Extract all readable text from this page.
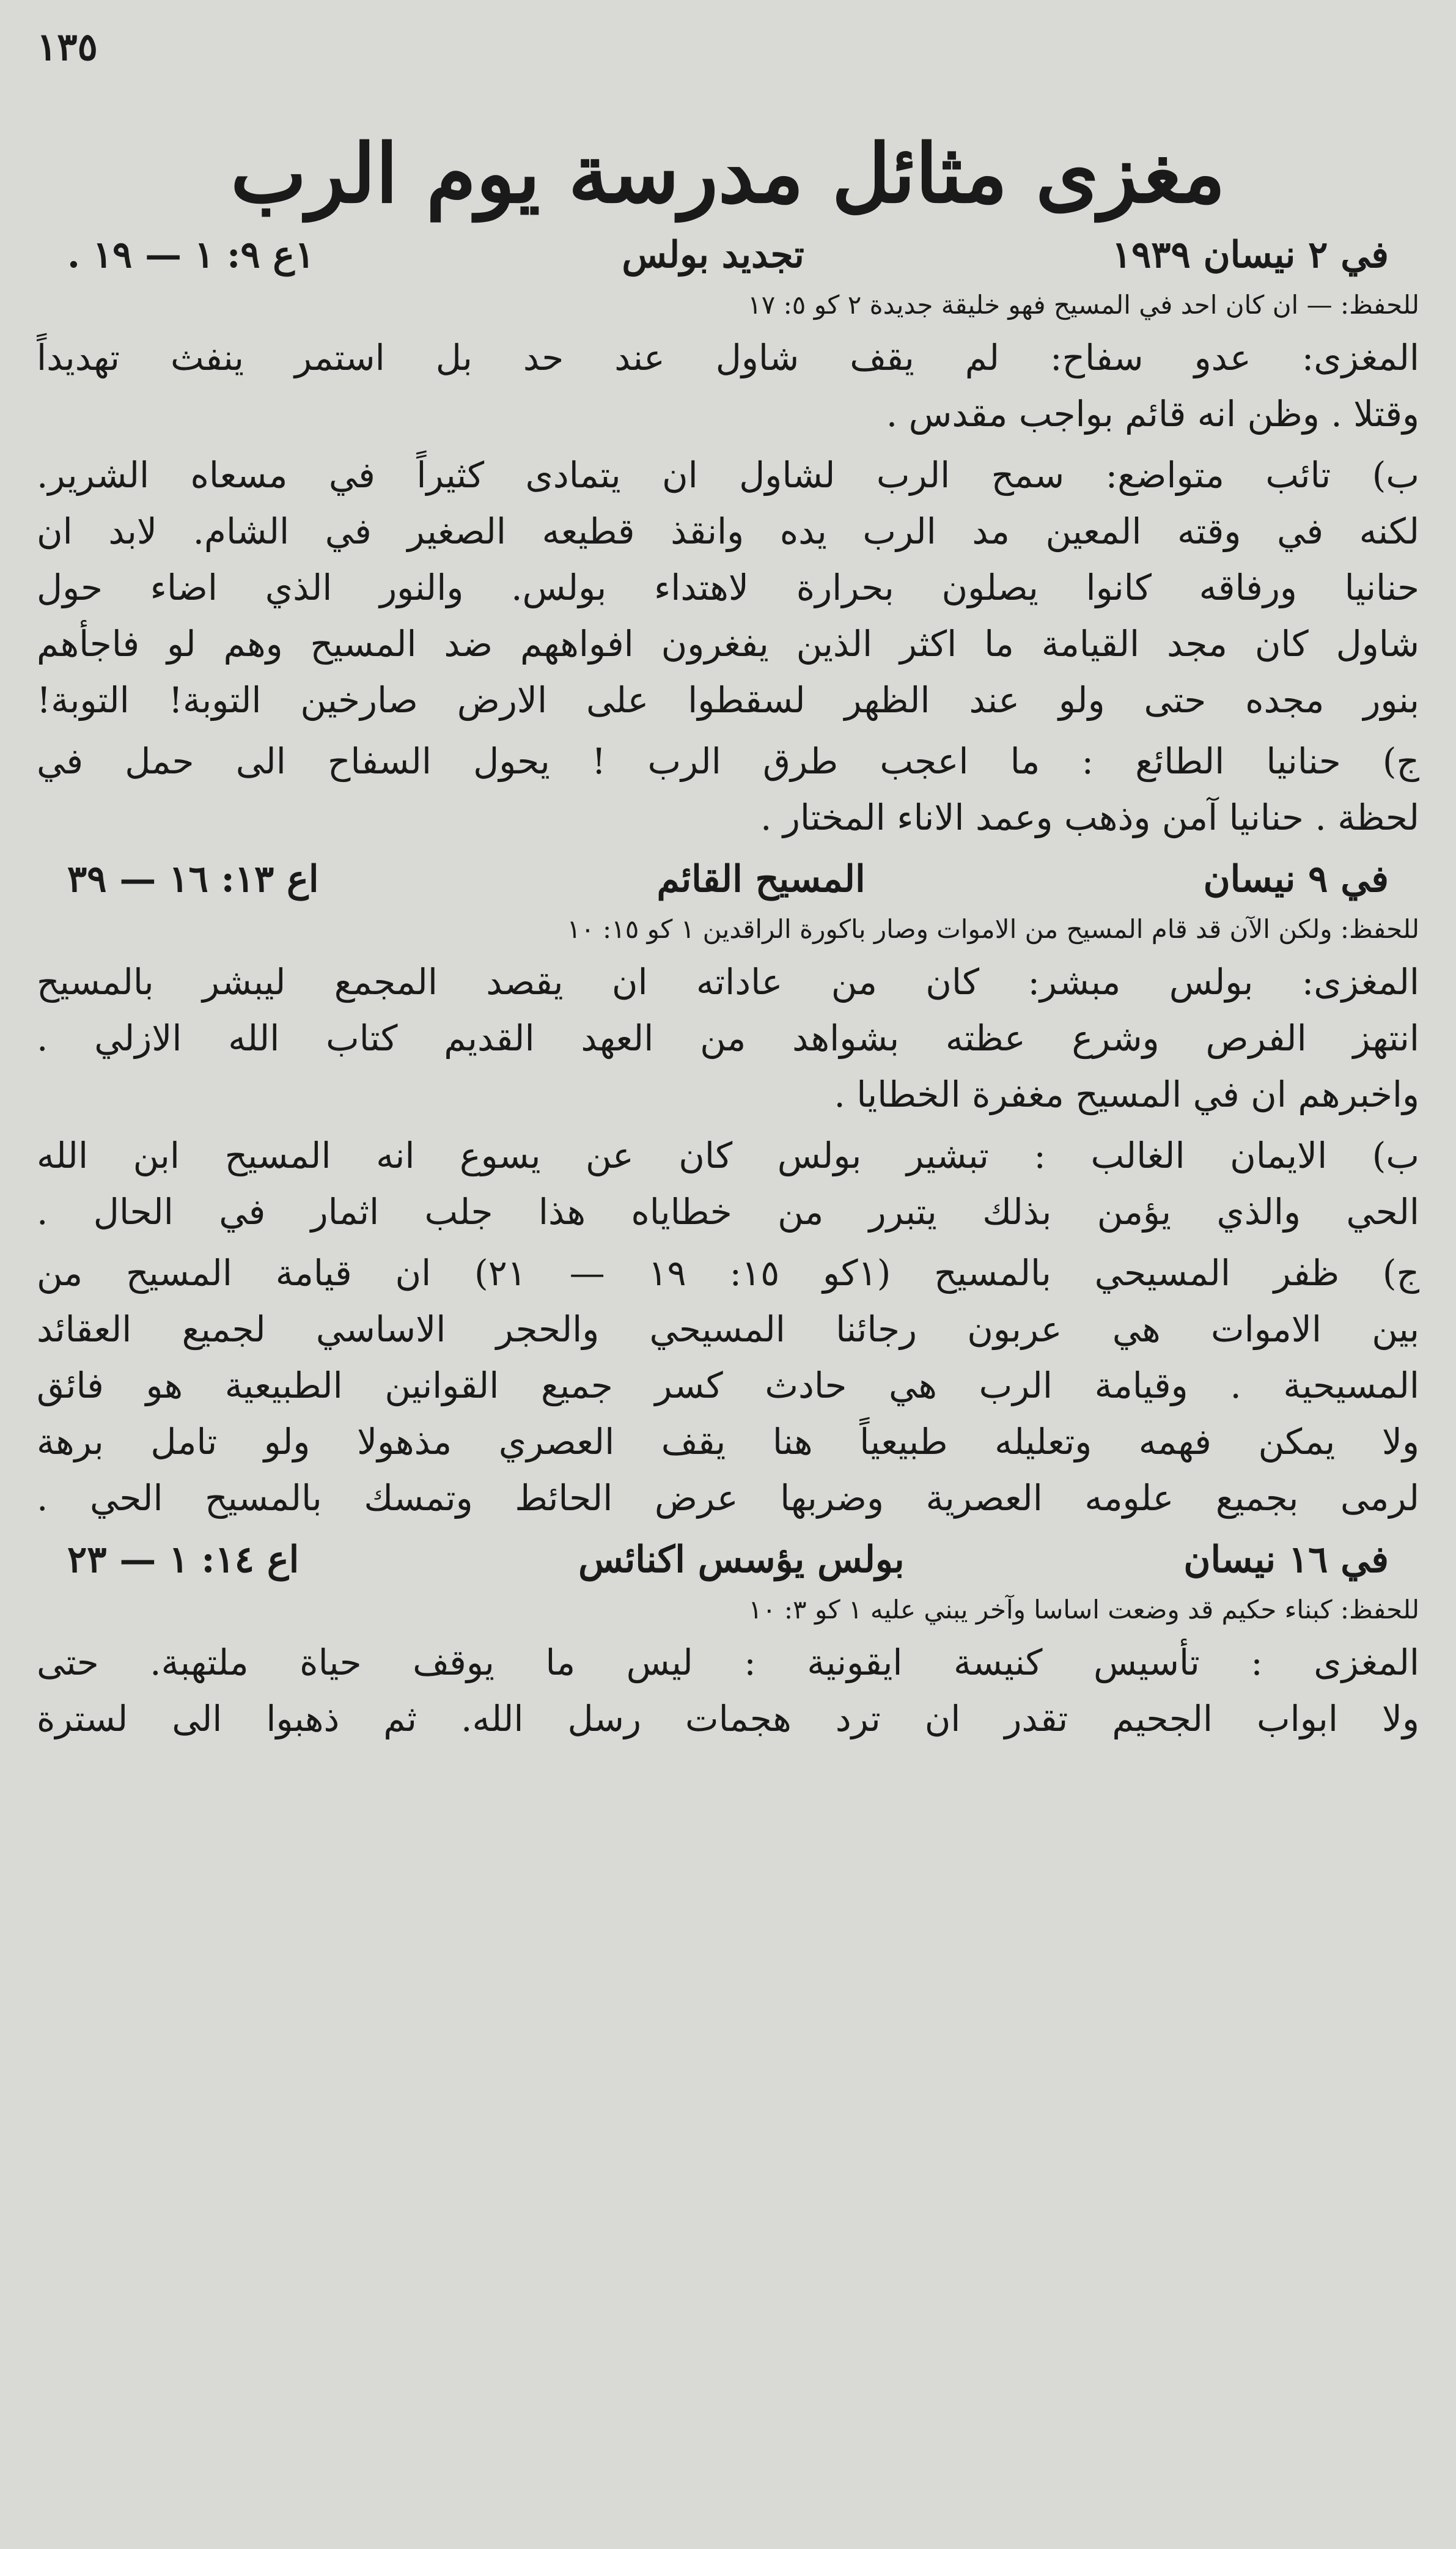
١٣٥
مغزى مثائل مدرسة يوم الرب
في ٢ نيسان ١٩٣٩
تجديد بولس
١ع ٩: ١ — ١٩ .
للحفظ: — ان كان احد في المسيح فهو خليقة جديدة ٢ كو ٥: ١٧
المغزى: عدو سفاح: لم يقف شاول عند حد بل استمر ينفث تهديداً
وقتلا . وظن انه قائم بواجب مقدس .
ب) تائب متواضع: سمح الرب لشاول ان يتمادى كثيراً في مسعاه الشرير.
لكنه في وقته المعين مد الرب يده وانقذ قطيعه الصغير في الشام. لابد ان
حنانيا ورفاقه كانوا يصلون بحرارة لاهتداء بولس. والنور الذي اضاء حول
شاول كان مجد القيامة ما اكثر الذين يفغرون افواههم ضد المسيح وهم لو فاجأهم
بنور مجده حتى ولو عند الظهر لسقطوا على الارض صارخين التوبة! التوبة!
ج) حنانيا الطائع : ما اعجب طرق الرب ! يحول السفاح الى حمل في
لحظة . حنانيا آمن وذهب وعمد الاناء المختار .
في ٩ نيسان
المسيح القائم
اع ١٣: ١٦ — ٣٩
للحفظ: ولكن الآن قد قام المسيح من الاموات وصار باكورة الراقدين ١ كو ١٥: ١٠
المغزى: بولس مبشر: كان من عاداته ان يقصد المجمع ليبشر بالمسيح
انتهز الفرص وشرع عظته بشواهد من العهد القديم كتاب الله الازلي .
واخبرهم ان في المسيح مغفرة الخطايا .
ب) الايمان الغالب : تبشير بولس كان عن يسوع انه المسيح ابن الله
الحي والذي يؤمن بذلك يتبرر من خطاياه هذا جلب اثمار في الحال .
ج) ظفر المسيحي بالمسيح (١كو ١٥: ١٩ — ٢١) ان قيامة المسيح من
بين الاموات هي عربون رجائنا المسيحي والحجر الاساسي لجميع العقائد
المسيحية . وقيامة الرب هي حادث كسر جميع القوانين الطبيعية هو فائق
ولا يمكن فهمه وتعليله طبيعياً هنا يقف العصري مذهولا ولو تامل برهة
لرمى بجميع علومه العصرية وضربها عرض الحائط وتمسك بالمسيح الحي .
في ١٦ نيسان
بولس يؤسس اكنائس
اع ١٤: ١ — ٢٣
للحفظ: كبناء حكيم قد وضعت اساسا وآخر يبني عليه ١ كو ٣: ١٠
المغزى : تأسيس كنيسة ايقونية : ليس ما يوقف حياة ملتهبة. حتى
ولا ابواب الجحيم تقدر ان ترد هجمات رسل الله. ثم ذهبوا الى لسترة
